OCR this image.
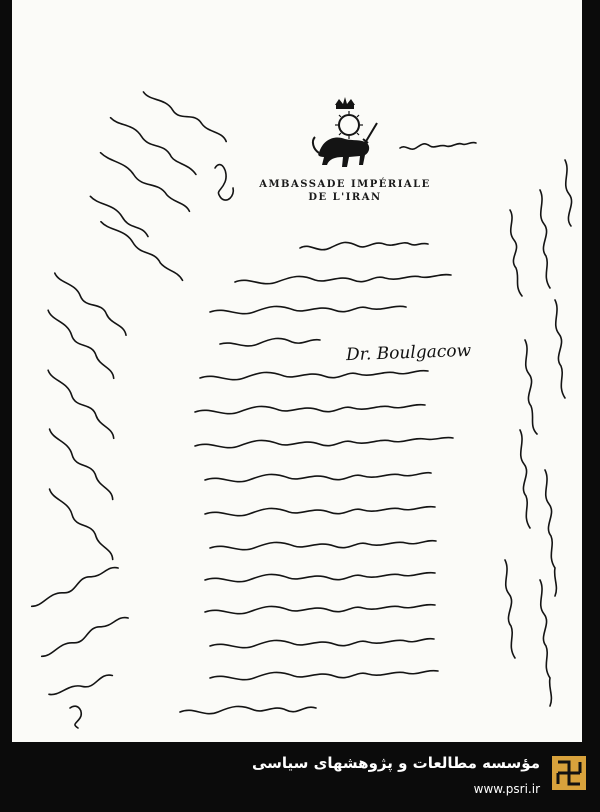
AMBASSADE IMPÉRIALE
DE L'IRAN
Dr. Boulgacow
مؤسسه مطالعات و پژوهشهای سیاسی
www.psri.ir
